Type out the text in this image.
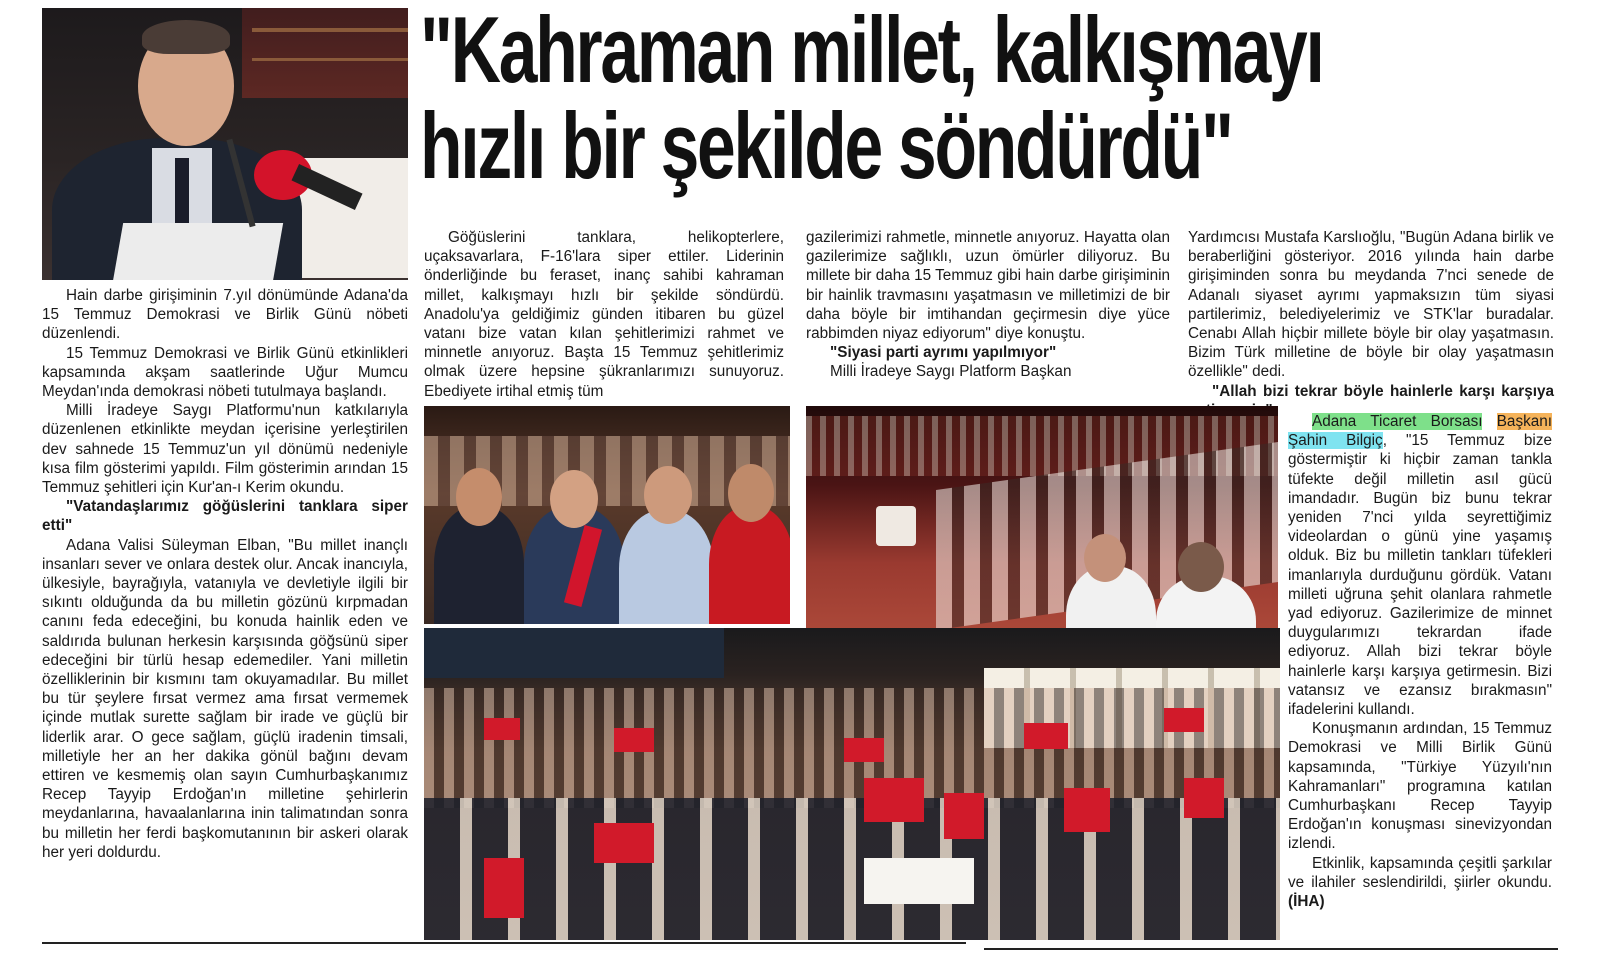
"Kahraman millet, kalkışmayı
hızlı bir şekilde söndürdü"

Hain darbe girişiminin 7.yıl dönümünde Adana'da 15 Temmuz Demokrasi ve Birlik Günü nöbeti düzenlendi.

15 Temmuz Demokrasi ve Birlik Günü etkinlikleri kapsamında akşam saatlerinde Uğur Mumcu Meydan'ında demokrasi nöbeti tutulmaya başlandı.

Milli İradeye Saygı Platformu'nun katkılarıyla düzenlenen etkinlikte meydan içerisine yerleştirilen dev sahnede 15 Temmuz'un yıl dönümü nedeniyle kısa film gösterimi yapıldı. Film gösterimin arından 15 Temmuz şehitleri için Kur'an-ı Kerim okundu.

"Vatandaşlarımız göğüslerini tanklara siper etti"

Adana Valisi Süleyman Elban, "Bu millet inançlı insanları sever ve onlara destek olur. Ancak inancıyla, ülkesiyle, bayrağıyla, vatanıyla ve devletiyle ilgili bir sıkıntı olduğunda da bu milletin gözünü kırpmadan canını feda edeceğini, bu konuda hainlik eden ve saldırıda bulunan herkesin karşısında göğsünü siper edeceğini bir türlü hesap edemediler. Yani milletin özelliklerinin bir kısmını tam okuyamadılar. Bu millet bu tür şeylere fırsat vermez ama fırsat vermemek içinde mutlak surette sağlam bir irade ve güçlü bir liderlik arar. O gece sağlam, güçlü iradenin timsali, milletiyle her an her dakika gönül bağını devam ettiren ve kesmemiş olan sayın Cumhurbaşkanımız Recep Tayyip Erdoğan'ın milletine şehirlerin meydanlarına, havaalanlarına inin talimatından sonra bu milletin her ferdi başkomutanının bir askeri olarak her yeri doldurdu.

Göğüslerini tanklara, helikopterlere, uçaksavarlara, F-16'lara siper ettiler. Liderinin önderliğinde bu feraset, inanç sahibi kahraman millet, kalkışmayı hızlı bir şekilde söndürdü. Anadolu'ya geldiğimiz günden itibaren bu güzel vatanı bize vatan kılan şehitlerimizi rahmet ve minnetle anıyoruz. Başta 15 Temmuz şehitlerimiz olmak üzere hepsine şükranlarımızı sunuyoruz. Ebediyete irtihal etmiş tüm

gazilerimizi rahmetle, minnetle anıyoruz. Hayatta olan gazilerimize sağlıklı, uzun ömürler diliyoruz. Bu millete bir daha 15 Temmuz gibi hain darbe girişiminin bir hainlik travmasını yaşatmasın ve milletimizi de bir daha böyle bir imtihandan geçirmesin diye yüce rabbimden niyaz ediyorum" diye konuştu.

"Siyasi parti ayrımı yapılmıyor"

Milli İradeye Saygı Platform Başkan

Yardımcısı Mustafa Karslıoğlu, "Bugün Adana birlik ve beraberliğini gösteriyor. 2016 yılında hain darbe girişiminden sonra bu meydanda 7'nci senede de Adanalı siyaset ayrımı yapmaksızın tüm siyasi partilerimiz, belediyelerimiz ve STK'lar buradalar. Cenabı Allah hiçbir millete böyle bir olay yaşatmasın. Bizim Türk milletine de böyle bir olay yaşatmasın özellikle" dedi.

"Allah bizi tekrar böyle hainlerle karşı karşıya

Adana Ticaret Borsası Başkanı Şahin Bilgiç, "15 Temmuz bize göstermiştir ki hiçbir zaman tankla tüfekte değil milletin asıl gücü imandadır. Bugün biz bunu tekrar yeniden 7'nci yılda seyrettiğimiz videolardan o günü yine yaşamış olduk. Biz bu milletin tankları tüfekleri imanlarıyla durduğunu gördük. Vatanı milleti uğruna şehit olanlara rahmetle yad ediyoruz. Gazilerimize de minnet duygularımızı tekrardan ifade ediyoruz. Allah bizi tekrar böyle hainlerle karşı karşıya getirmesin. Bizi vatansız ve ezansız bırakmasın" ifadelerini kullandı.

Konuşmanın ardından, 15 Temmuz Demokrasi ve Milli Birlik Günü kapsamında, "Türkiye Yüzyılı'nın Kahramanları" programına katılan Cumhurbaşkanı Recep Tayyip Erdoğan'ın konuşması sinevizyondan izlendi.

Etkinlik, kapsamında çeşitli şarkılar ve ilahiler seslendirildi, şiirler okundu. (İHA)
